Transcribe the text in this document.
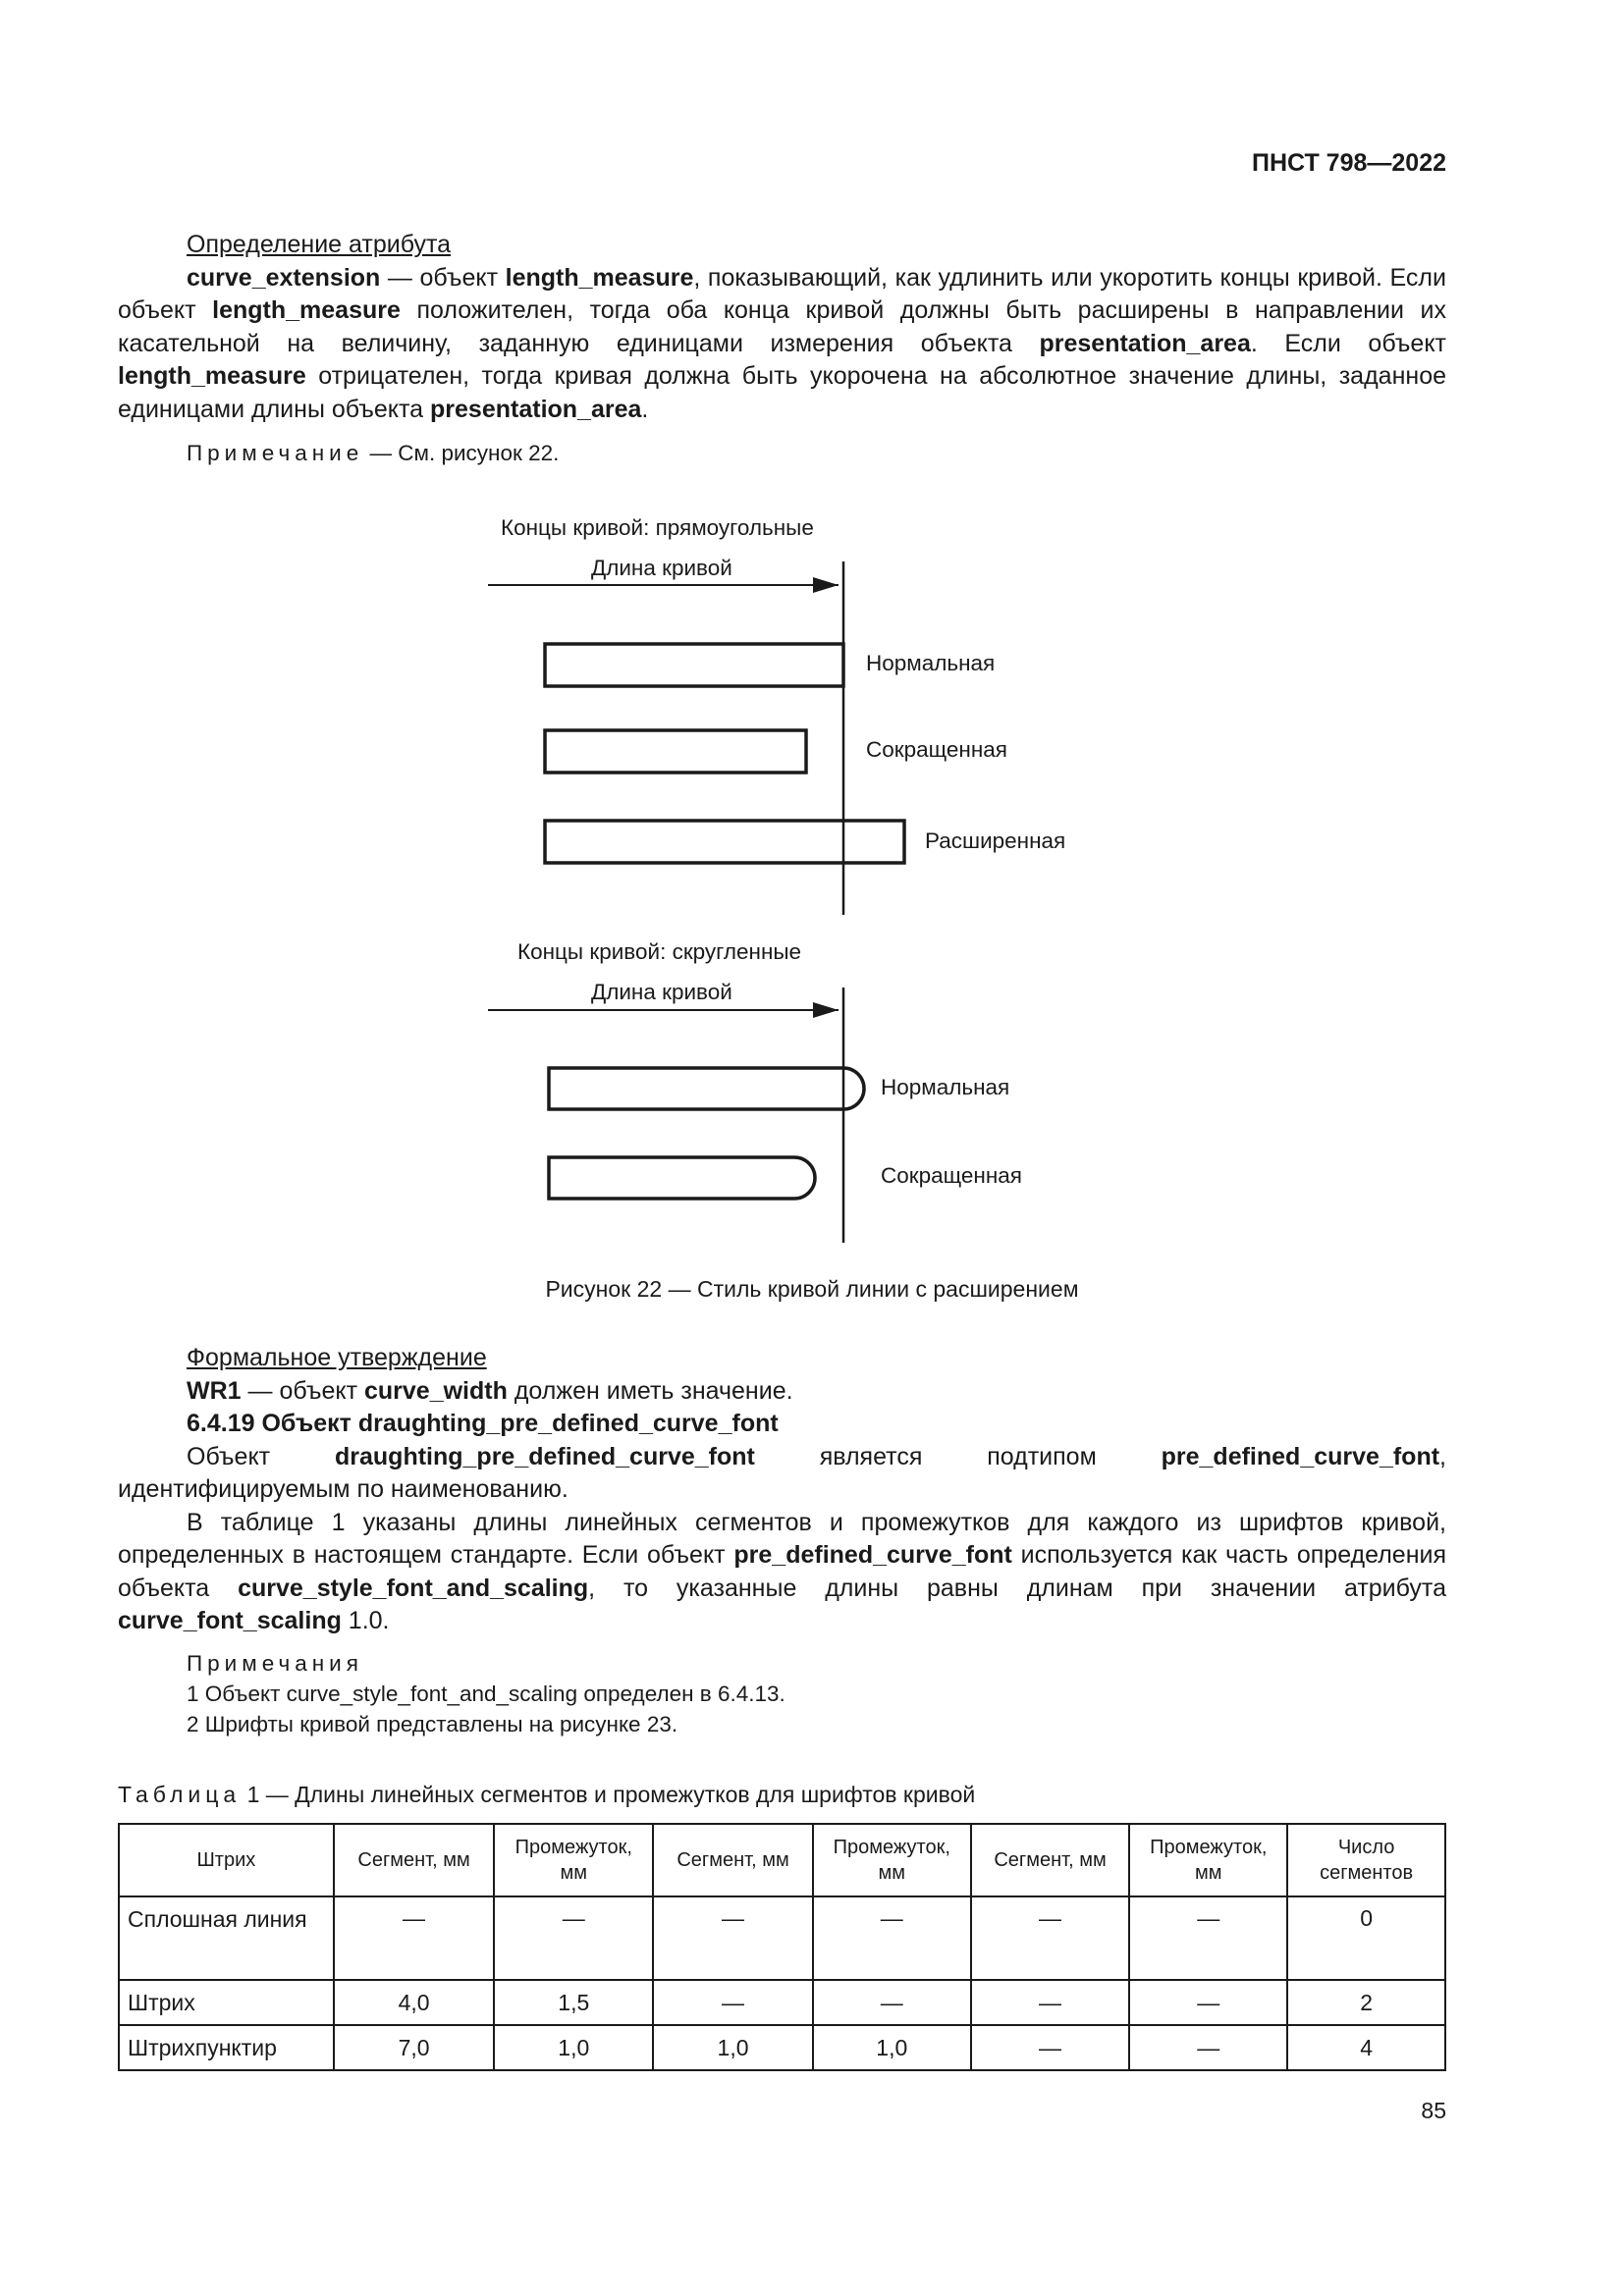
ПНСТ 798—2022

Определение атрибута

curve_extension — объект length_measure, показывающий, как удлинить или укоротить концы кривой. Если объект length_measure положителен, тогда оба конца кривой должны быть расширены в направлении их касательной на величину, заданную единицами измерения объекта presentation_area. Если объект length_measure отрицателен, тогда кривая должна быть укорочена на абсолютное значение длины, заданное единицами длины объекта presentation_area.

Примечание — См. рисунок 22.

Концы кривой: прямоугольные
Длина кривой
Нормальная
Сокращенная
Расширенная
Концы кривой: скругленные
Длина кривой
Нормальная
Сокращенная
Рисунок 22 — Стиль кривой линии с расширением

Формальное утверждение

WR1 — объект curve_width должен иметь значение.

6.4.19 Объект draughting_pre_defined_curve_font

Объект draughting_pre_defined_curve_font является подтипом pre_defined_curve_font, идентифицируемым по наименованию.

В таблице 1 указаны длины линейных сегментов и промежутков для каждого из шрифтов кривой, определенных в настоящем стандарте. Если объект pre_defined_curve_font используется как часть определения объекта curve_style_font_and_scaling, то указанные длины равны длинам при значении атрибута curve_font_scaling 1.0.

Примечания

1 Объект curve_style_font_and_scaling определен в 6.4.13.

2 Шрифты кривой представлены на рисунке 23.

Таблица 1 — Длины линейных сегментов и промежутков для шрифтов кривой
Штрих	Сегмент, мм	Промежуток, мм	Сегмент, мм	Промежуток, мм	Сегмент, мм	Промежуток, мм	Число сегментов
Сплошная линия	—	—	—	—	—	—	0
Штрих	4,0	1,5	—	—	—	—	2
Штрихпунктир	7,0	1,0	1,0	1,0	—	—	4
85
